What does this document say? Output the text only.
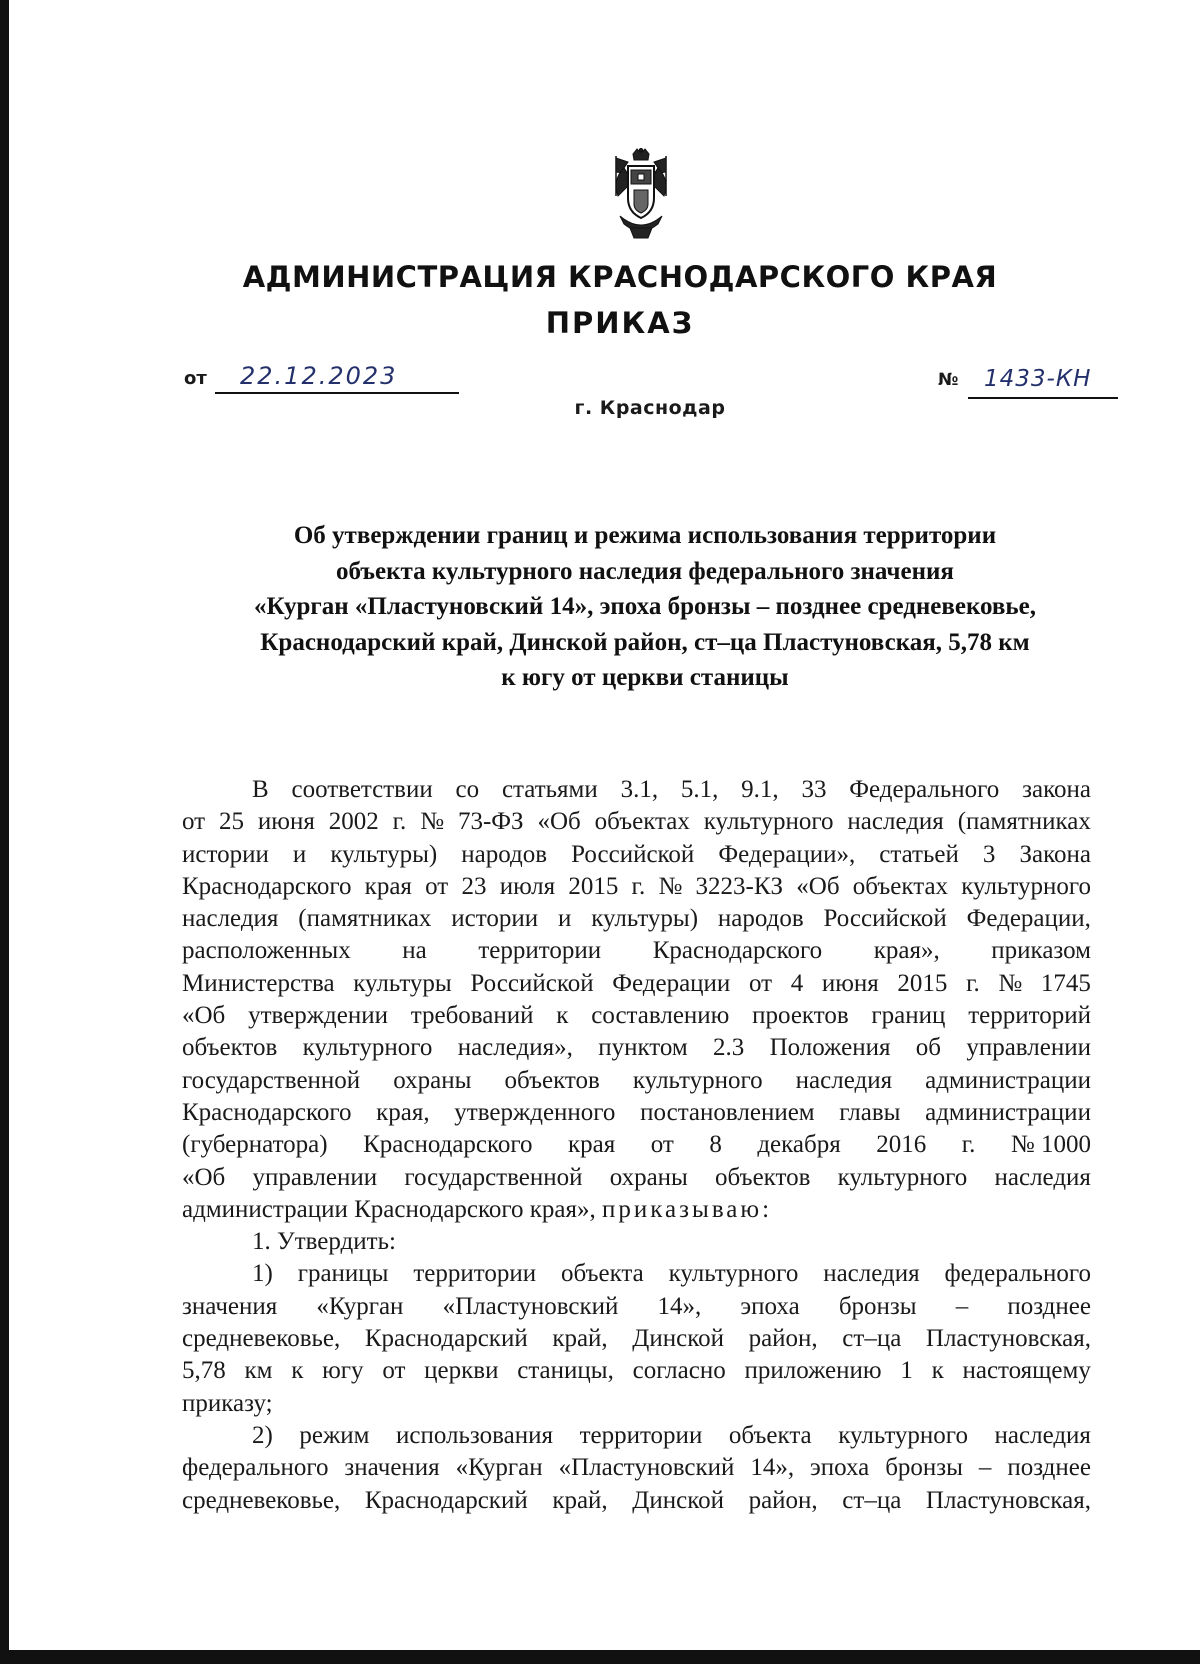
АДМИНИСТРАЦИЯ КРАСНОДАРСКОГО КРАЯ
ПРИКАЗ
от 22.12.2023	№ 1433-КН
г. Краснодар
Об утверждении границ и режима использования территории
объекта культурного наследия федерального значения
«Курган «Пластуновский 14», эпоха бронзы – позднее средневековье,
Краснодарский край, Динской район, ст–ца Пластуновская, 5,78 км
к югу от церкви станицы
В соответствии со статьями 3.1, 5.1, 9.1, 33 Федерального закона
от 25 июня 2002 г. № 73-ФЗ «Об объектах культурного наследия (памятниках
истории и культуры) народов Российской Федерации», статьей 3 Закона
Краснодарского края от 23 июля 2015 г. № 3223-КЗ «Об объектах культурного
наследия (памятниках истории и культуры) народов Российской Федерации,
расположенных на территории Краснодарского края», приказом
Министерства культуры Российской Федерации от 4 июня 2015 г. № 1745
«Об утверждении требований к составлению проектов границ территорий
объектов культурного наследия», пунктом 2.3 Положения об управлении
государственной охраны объектов культурного наследия администрации
Краснодарского края, утвержденного постановлением главы администрации
(губернатора) Краснодарского края от 8 декабря 2016 г. № 1000
«Об управлении государственной охраны объектов культурного наследия
администрации Краснодарского края»,
приказываю:
1. Утвердить:
1) границы территории объекта культурного наследия федерального
значения «Курган «Пластуновский 14», эпоха бронзы – позднее
средневековье, Краснодарский край, Динской район, ст–ца Пластуновская,
5,78 км к югу от церкви станицы, согласно приложению 1 к настоящему
приказу;
2) режим использования территории объекта культурного наследия
федерального значения «Курган «Пластуновский 14», эпоха бронзы – позднее
средневековье, Краснодарский край, Динской район, ст–ца Пластуновская,
